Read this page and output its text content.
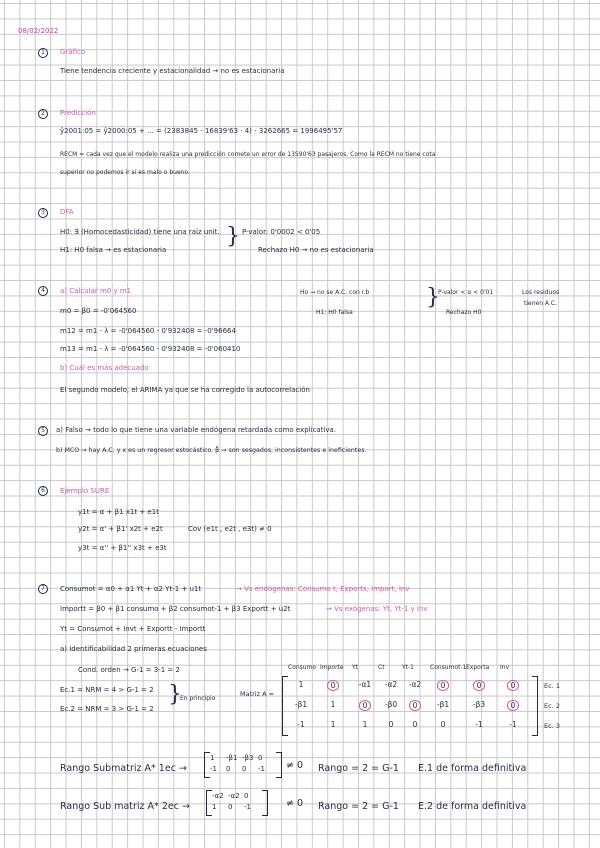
08/02/2022
1	Gráfico
Tiene tendencia creciente y estacionalidad → no es estacionaria
2	Predicción
ŷ2001:05 = ŷ2000:05 + ... = (2383845 - 16839'63 · 4) - 3262665 = 1996495'57
RECM = cada vez que el modelo realiza una predicción comete un error de 13590'63 pasajeros. Como la RECM no tiene cota
superior no podemos ir si es malo o bueno.
3	DFA
H0: ∃ (Homocedasticidad) tiene una raíz unit.
H1: H0 falsa → es estacionaria
} P-valor: 0'0002 < 0'05
Rechazo H0 → no es estacionaria
4	a) Calcular m0 y m1
m0 = β0 = -0'064560
m12 = m1 - λ = -0'064560 - 0'932408 = -0'96664
m13 = m1 - λ = -0'064560 - 0'932408 = -0'060410
b) Cuál es más adecuado
El segundo modelo, el ARIMA ya que se ha corregido la autocorrelación
Ho → no se A.C. con r.b
H1: H0 falsa
}
P-valor < α < 0'01
Rechazo H0
Los residuos
tienen A.C.
5	a) Falso → todo lo que tiene una variable endógena retardada como explicativa.
b) MCO → hay A.C. y x es un regresor estocástico. β̂ → son sesgados, inconsistentes e ineficientes.
6	Ejemplo SURE
y1t = α + β1 x1t + e1t
y2t = α' + β1' x2t + e2t
y3t = α'' + β1'' x3t + e3t
Cov (e1t , e2t , e3t) ≠ 0
7	Consumot = α0 + α1 Yt + α2 Yt-1 + u1t	→ Vs endógenas: Consumo t, Exports, Import, Inv
Importt = β0 + β1 consumo + β2 consumot-1 + β3 Exportt + u2t	→ Vs exógenas: Yt, Yt-1 y Inv
Yt = Consumot + Invt + Exportt - Importt
a) Identificabilidad 2 primeras ecuaciones
Cond. orden → G-1 = 3-1 = 2
Ec.1 = NRM = 4 > G-1 = 2
Ec.2 = NRM = 3 > G-1 = 2
}
En principio
Matriz A =
Consumo Importe Yt	Ct	Yt-1	Consumot-1 Exporta Inv
1	0	-α1	-α2	-α2	0	0	0	Ec. 1
-β1	1	0	-β0	0	-β1	-β3	0	Ec. 2
-1	1	1	0	0	0	-1	-1	Ec. 3
Rango Submatriz A* 1ec →
1 -β1 -β3 0
-1 0 0 -1 ≠ 0 Rango = 2 = G-1 E.1 de forma definitiva
Rango Sub matriz A* 2ec →
-α2 -α2 0
1 0 -1	≠ 0 Rango = 2 = G-1 E.2 de forma definitiva
